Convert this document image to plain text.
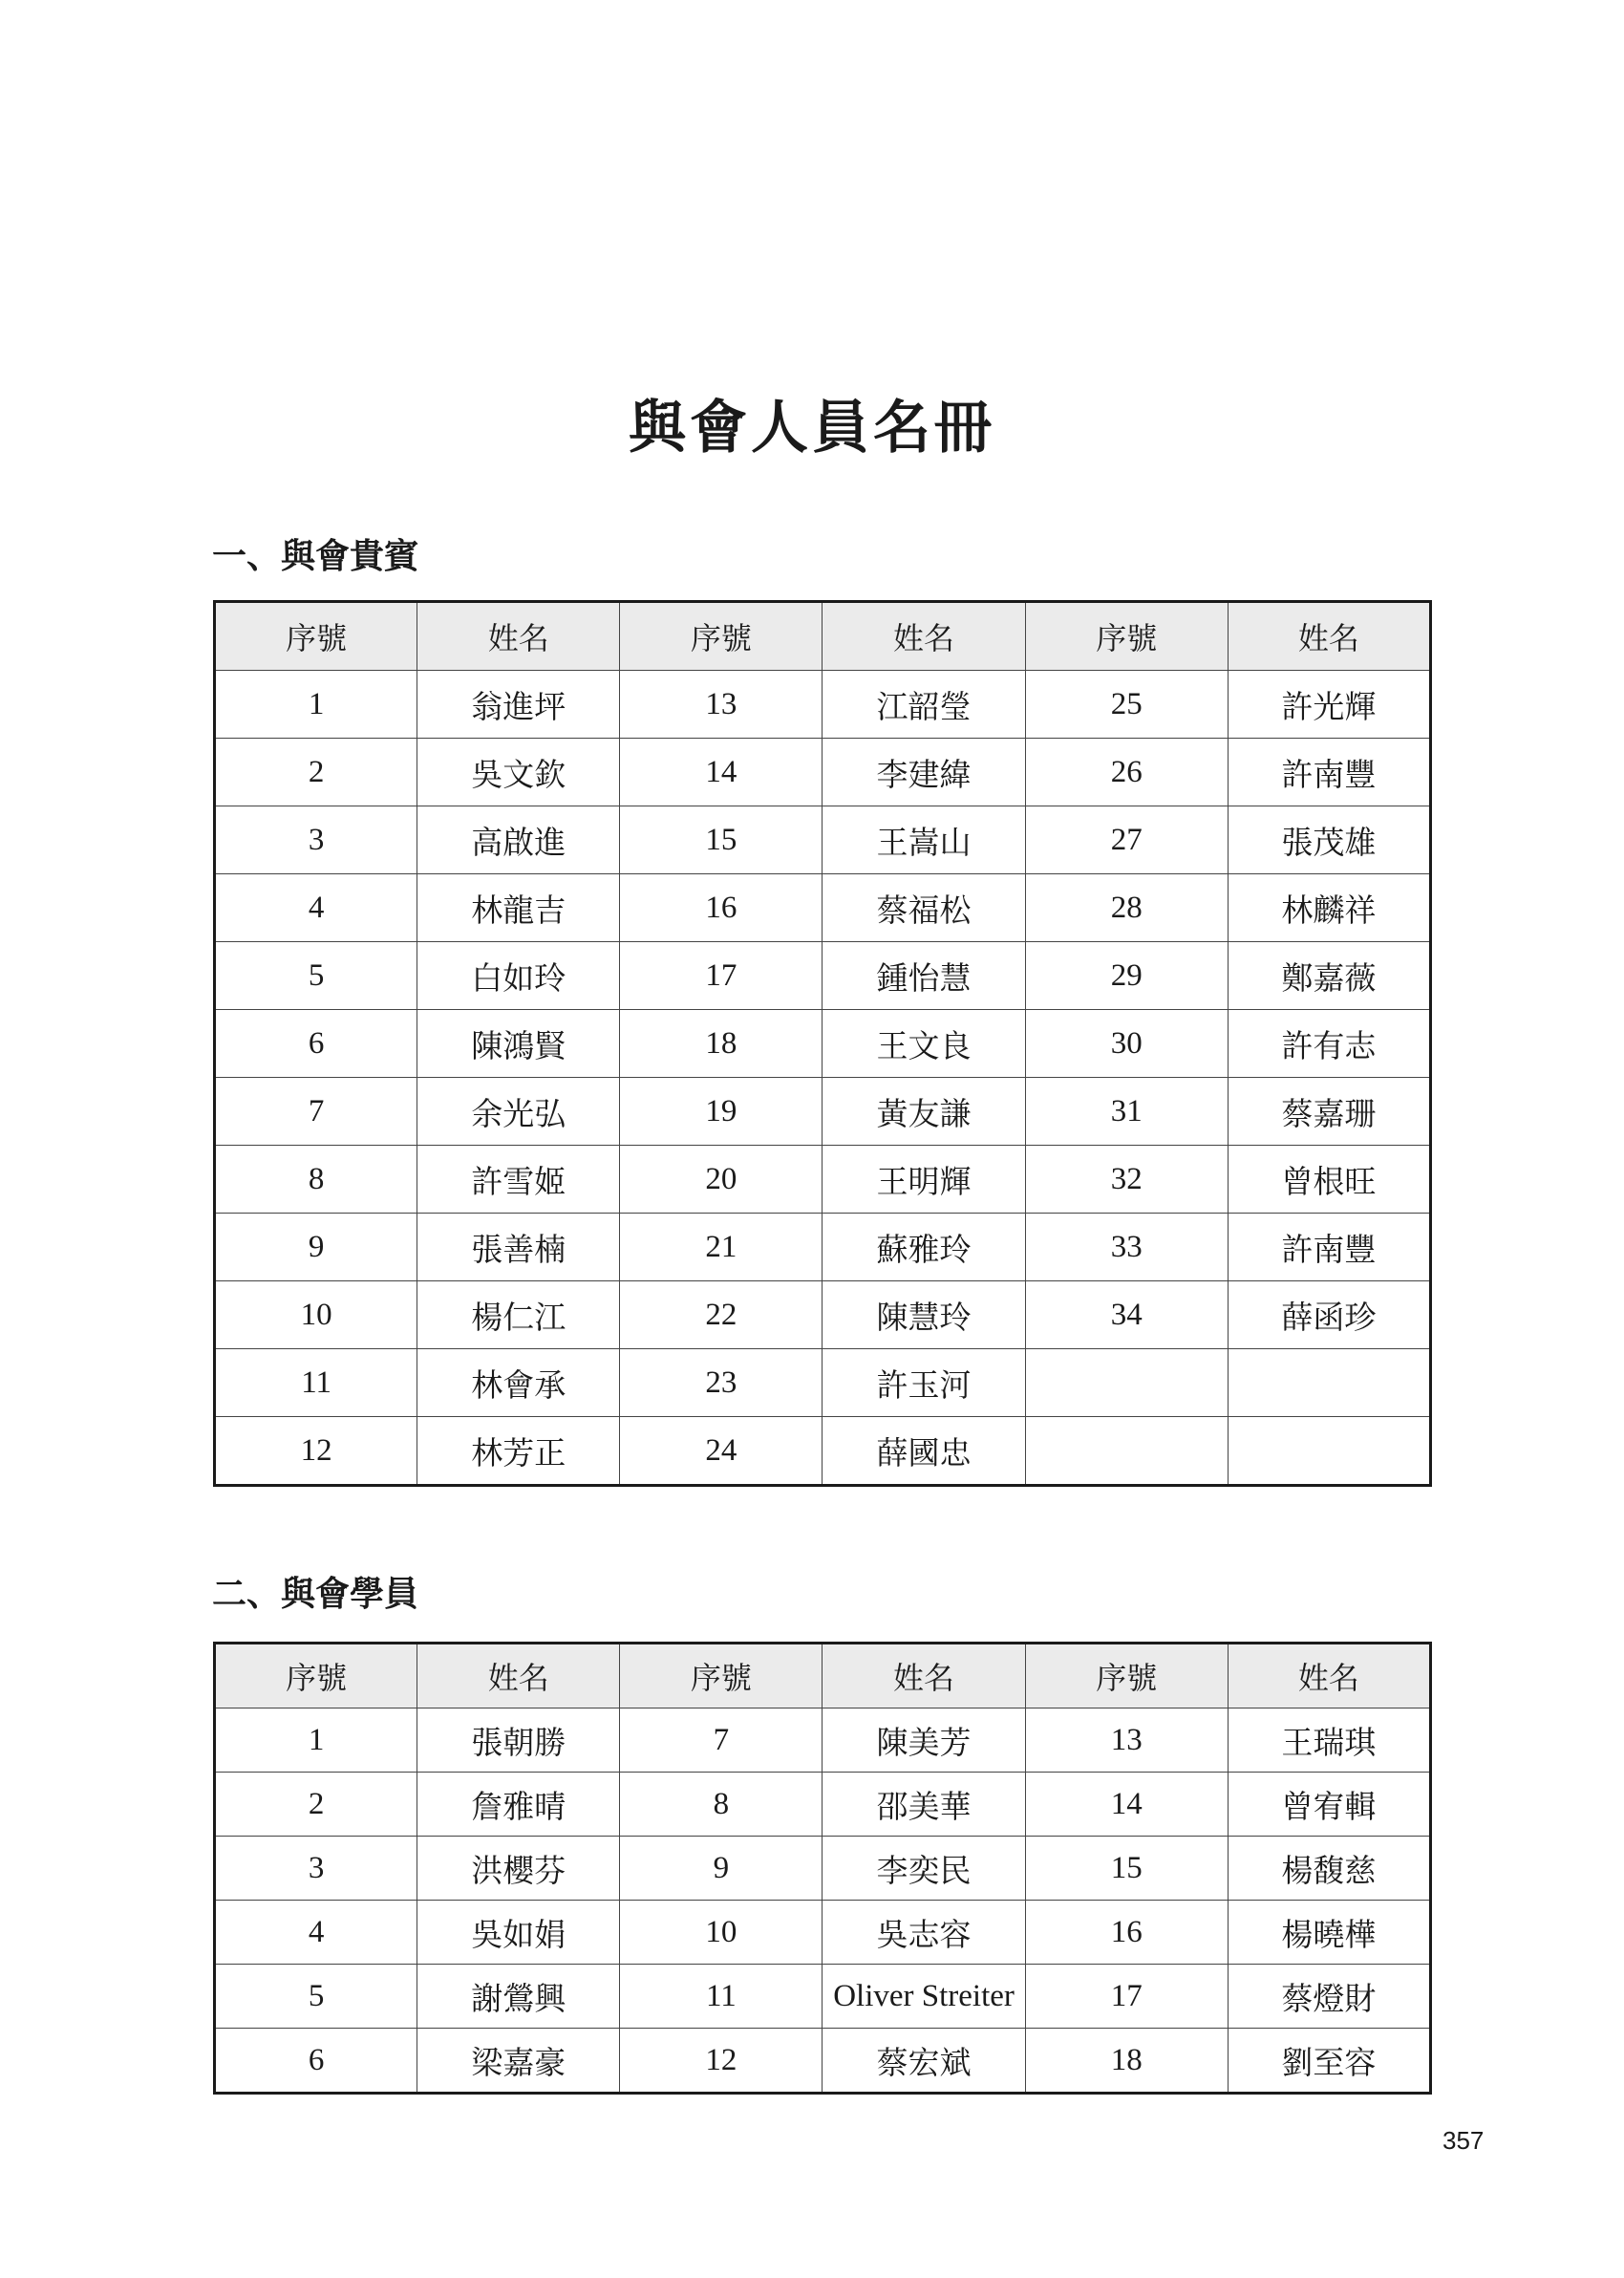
與會人員名冊
一、與會貴賓
序號	姓名	序號	姓名	序號	姓名
1	翁進坪	13	江韶瑩	25	許光輝
2	吳文欽	14	李建緯	26	許南豐
3	高啟進	15	王嵩山	27	張茂雄
4	林龍吉	16	蔡福松	28	林麟祥
5	白如玲	17	鍾怡慧	29	鄭嘉薇
6	陳鴻賢	18	王文良	30	許有志
7	余光弘	19	黃友謙	31	蔡嘉珊
8	許雪姬	20	王明輝	32	曾根旺
9	張善楠	21	蘇雅玲	33	許南豐
10	楊仁江	22	陳慧玲	34	薛函珍
11	林會承	23	許玉河		
12	林芳正	24	薛國忠		
二、與會學員
序號	姓名	序號	姓名	序號	姓名
1	張朝勝	7	陳美芳	13	王瑞琪
2	詹雅晴	8	邵美華	14	曾宥輯
3	洪櫻芬	9	李奕民	15	楊馥慈
4	吳如娟	10	吳志容	16	楊曉樺
5	謝鶯興	11	Oliver Streiter	17	蔡燈財
6	梁嘉豪	12	蔡宏斌	18	劉至容
357
